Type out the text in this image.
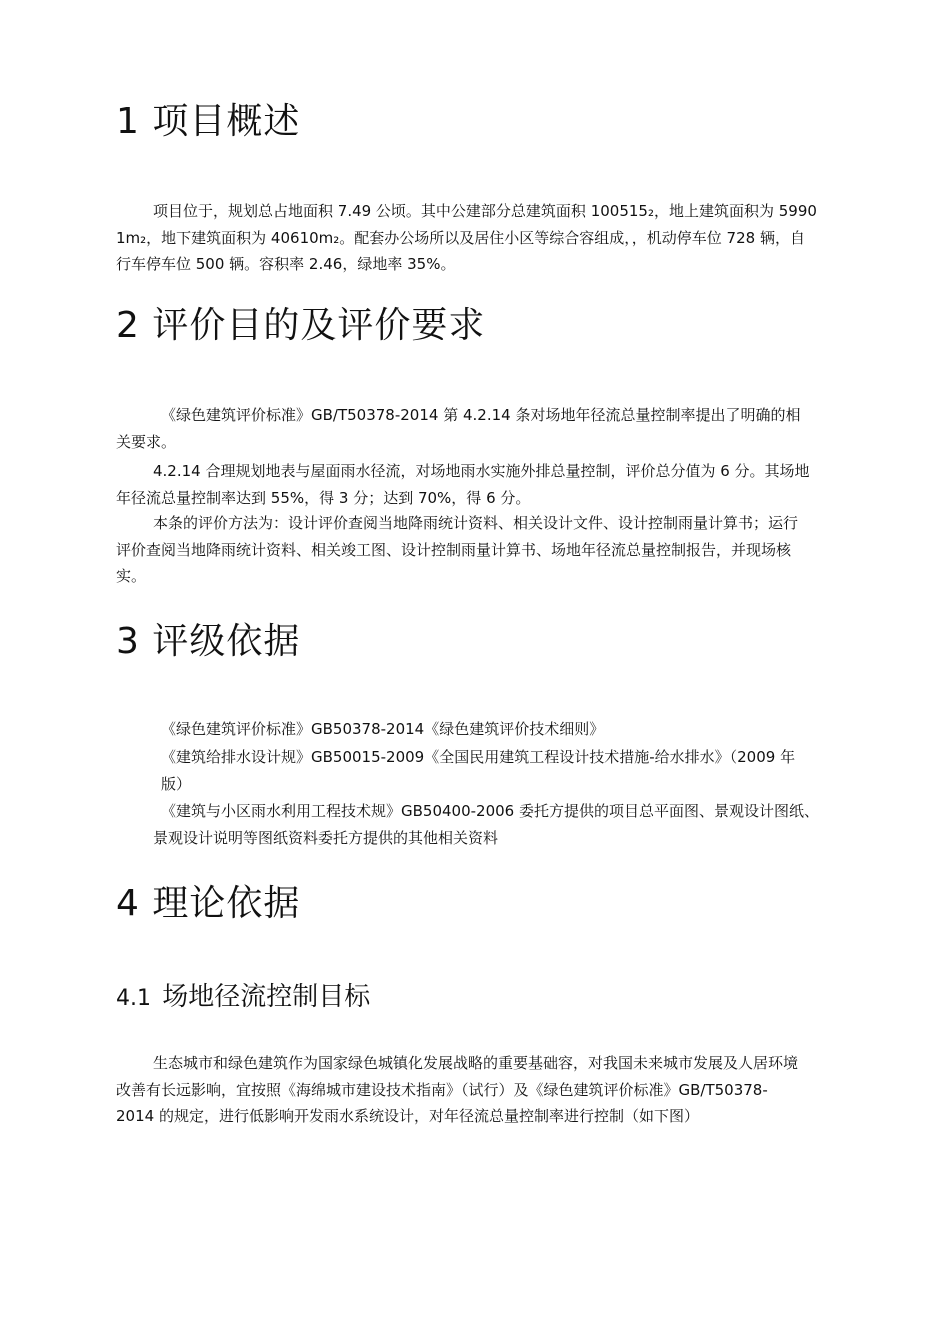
1 项目概述
项目位于，规划总占地面积 7.49 公顷。其中公建部分总建筑面积 100515₂，地上建筑面积为 5990
1m₂，地下建筑面积为 40610m₂。配套办公场所以及居住小区等综合容组成，，机动停车位 728 辆，自
行车停车位 500 辆。容积率 2.46，绿地率 35%。
2 评价目的及评价要求
《绿色建筑评价标准》GB/T50378-2014 第 4.2.14 条对场地年径流总量控制率提出了明确的相
关要求。
4.2.14 合理规划地表与屋面雨水径流，对场地雨水实施外排总量控制，评价总分值为 6 分。其场地
年径流总量控制率达到 55%，得 3 分；达到 70%，得 6 分。
本条的评价方法为：设计评价查阅当地降雨统计资料、相关设计文件、设计控制雨量计算书；运行
评价查阅当地降雨统计资料、相关竣工图、设计控制雨量计算书、场地年径流总量控制报告，并现场核
实。
3 评级依据
《绿色建筑评价标准》GB50378-2014《绿色建筑评价技术细则》
《建筑给排水设计规》GB50015-2009《全国民用建筑工程设计技术措施-给水排水》（2009 年
版）
《建筑与小区雨水利用工程技术规》GB50400-2006 委托方提供的项目总平面图、景观设计图纸、
景观设计说明等图纸资料委托方提供的其他相关资料
4 理论依据
4.1 场地径流控制目标
生态城市和绿色建筑作为国家绿色城镇化发展战略的重要基础容，对我国未来城市发展及人居环境
改善有长远影响，宜按照《海绵城市建设技术指南》（试行）及《绿色建筑评价标准》GB/T50378-
2014 的规定，进行低影响开发雨水系统设计，对年径流总量控制率进行控制（如下图）
